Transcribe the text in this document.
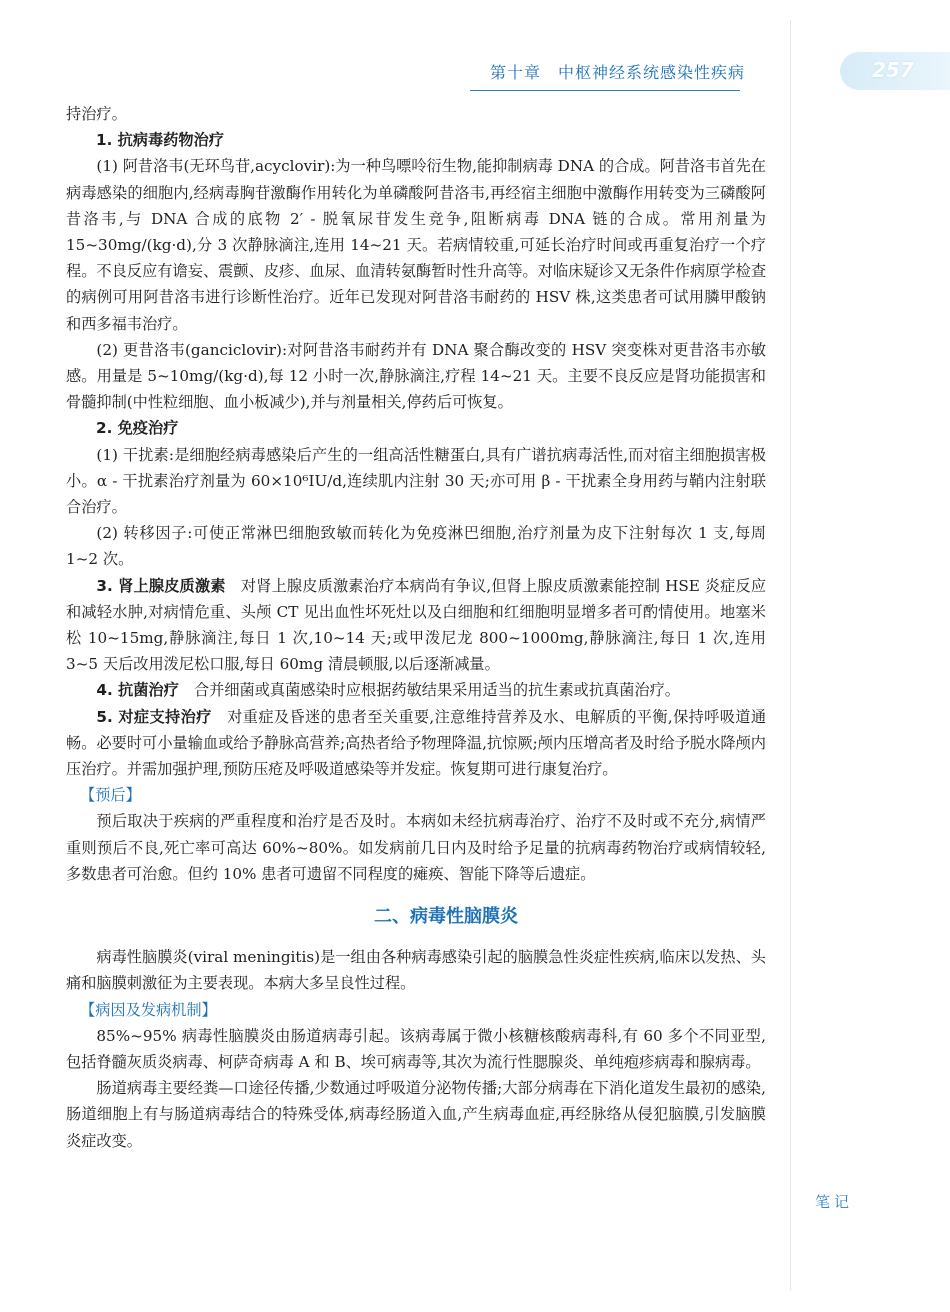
第十章　中枢神经系统感染性疾病	257

持治疗。

1. 抗病毒药物治疗

(1) 阿昔洛韦(无环鸟苷,acyclovir):为一种鸟嘌呤衍生物,能抑制病毒 DNA 的合成。阿昔洛韦首先在病毒感染的细胞内,经病毒胸苷激酶作用转化为单磷酸阿昔洛韦,再经宿主细胞中激酶作用转变为三磷酸阿昔洛韦,与 DNA 合成的底物 2′ - 脱氧尿苷发生竞争,阻断病毒 DNA 链的合成。常用剂量为 15~30mg/(kg·d),分 3 次静脉滴注,连用 14~21 天。若病情较重,可延长治疗时间或再重复治疗一个疗程。不良反应有谵妄、震颤、皮疹、血尿、血清转氨酶暂时性升高等。对临床疑诊又无条件作病原学检查的病例可用阿昔洛韦进行诊断性治疗。近年已发现对阿昔洛韦耐药的 HSV 株,这类患者可试用膦甲酸钠和西多福韦治疗。

(2) 更昔洛韦(ganciclovir):对阿昔洛韦耐药并有 DNA 聚合酶改变的 HSV 突变株对更昔洛韦亦敏感。用量是 5~10mg/(kg·d),每 12 小时一次,静脉滴注,疗程 14~21 天。主要不良反应是肾功能损害和骨髓抑制(中性粒细胞、血小板减少),并与剂量相关,停药后可恢复。

2. 免疫治疗

(1) 干扰素:是细胞经病毒感染后产生的一组高活性糖蛋白,具有广谱抗病毒活性,而对宿主细胞损害极小。α - 干扰素治疗剂量为 60×10⁶IU/d,连续肌内注射 30 天;亦可用 β - 干扰素全身用药与鞘内注射联合治疗。

(2) 转移因子:可使正常淋巴细胞致敏而转化为免疫淋巴细胞,治疗剂量为皮下注射每次 1 支,每周 1~2 次。

3. 肾上腺皮质激素　 对肾上腺皮质激素治疗本病尚有争议,但肾上腺皮质激素能控制 HSE 炎症反应和减轻水肿,对病情危重、头颅 CT 见出血性坏死灶以及白细胞和红细胞明显增多者可酌情使用。地塞米松 10~15mg,静脉滴注,每日 1 次,10~14 天;或甲泼尼龙 800~1000mg,静脉滴注,每日 1 次,连用 3~5 天后改用泼尼松口服,每日 60mg 清晨顿服,以后逐渐减量。

4. 抗菌治疗　 合并细菌或真菌感染时应根据药敏结果采用适当的抗生素或抗真菌治疗。

5. 对症支持治疗　 对重症及昏迷的患者至关重要,注意维持营养及水、电解质的平衡,保持呼吸道通畅。必要时可小量输血或给予静脉高营养;高热者给予物理降温,抗惊厥;颅内压增高者及时给予脱水降颅内压治疗。并需加强护理,预防压疮及呼吸道感染等并发症。恢复期可进行康复治疗。

【预后】

预后取决于疾病的严重程度和治疗是否及时。本病如未经抗病毒治疗、治疗不及时或不充分,病情严重则预后不良,死亡率可高达 60%~80%。如发病前几日内及时给予足量的抗病毒药物治疗或病情较轻,多数患者可治愈。但约 10% 患者可遗留不同程度的瘫痪、智能下降等后遗症。

二、病毒性脑膜炎

病毒性脑膜炎(viral meningitis)是一组由各种病毒感染引起的脑膜急性炎症性疾病,临床以发热、头痛和脑膜刺激征为主要表现。本病大多呈良性过程。

【病因及发病机制】

85%~95% 病毒性脑膜炎由肠道病毒引起。该病毒属于微小核糖核酸病毒科,有 60 多个不同亚型,包括脊髓灰质炎病毒、柯萨奇病毒 A 和 B、埃可病毒等,其次为流行性腮腺炎、单纯疱疹病毒和腺病毒。

肠道病毒主要经粪—口途径传播,少数通过呼吸道分泌物传播;大部分病毒在下消化道发生最初的感染,肠道细胞上有与肠道病毒结合的特殊受体,病毒经肠道入血,产生病毒血症,再经脉络从侵犯脑膜,引发脑膜炎症改变。

笔记
